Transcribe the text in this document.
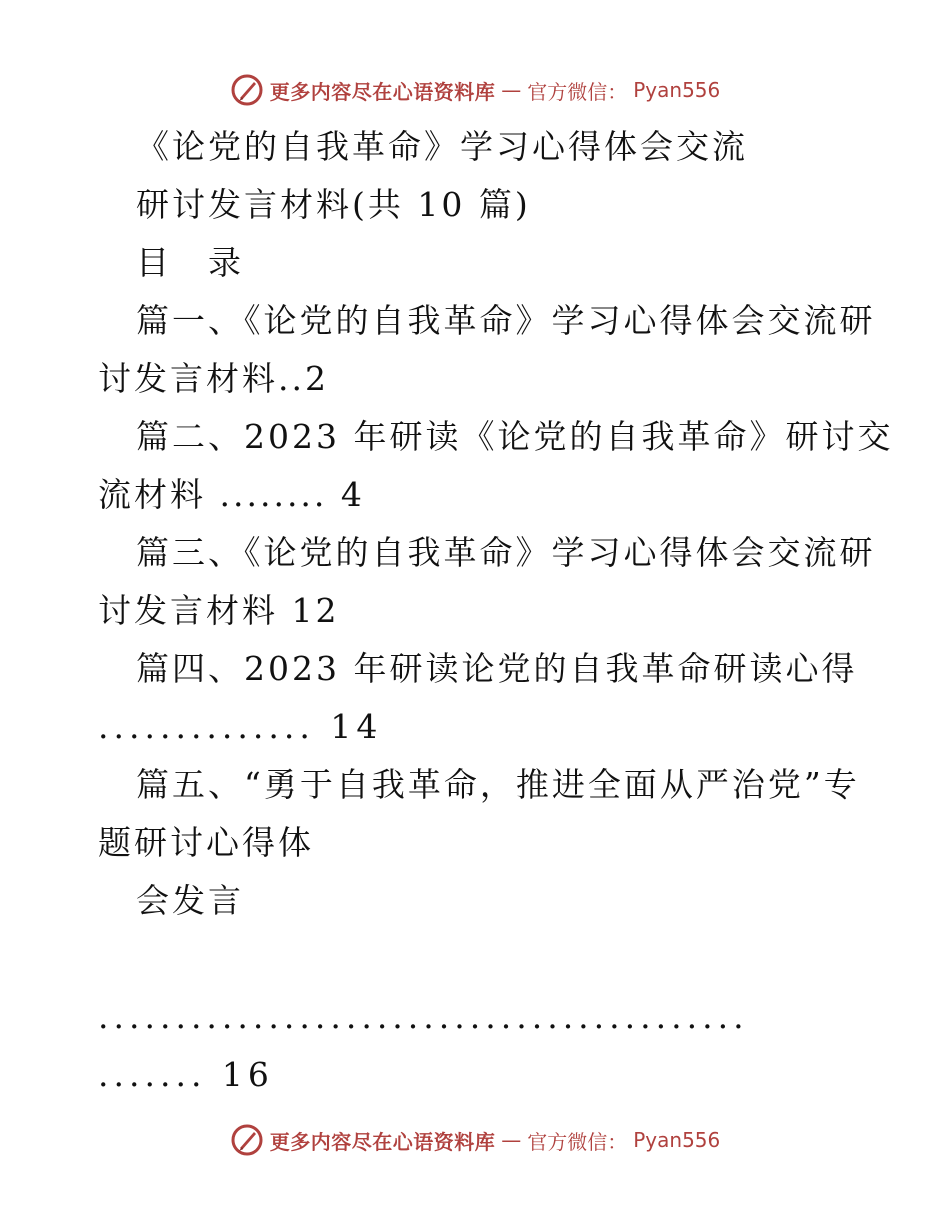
更多内容尽在心语资料库 — 官方微信： Pyan556
《论党的自我革命》学习心得体会交流
研讨发言材料(共 10 篇)
目　录
篇一、《论党的自我革命》学习心得体会交流研
讨发言材料..2
篇二、2023 年研读《论党的自我革命》研讨交
流材料 ........ 4
篇三、《论党的自我革命》学习心得体会交流研
讨发言材料 12
篇四、2023 年研读论党的自我革命研读心得
.............. 14
篇五、“勇于自我革命，推进全面从严治党”专
题研讨心得体
会发言
..........................................
....... 16
更多内容尽在心语资料库 — 官方微信： Pyan556
